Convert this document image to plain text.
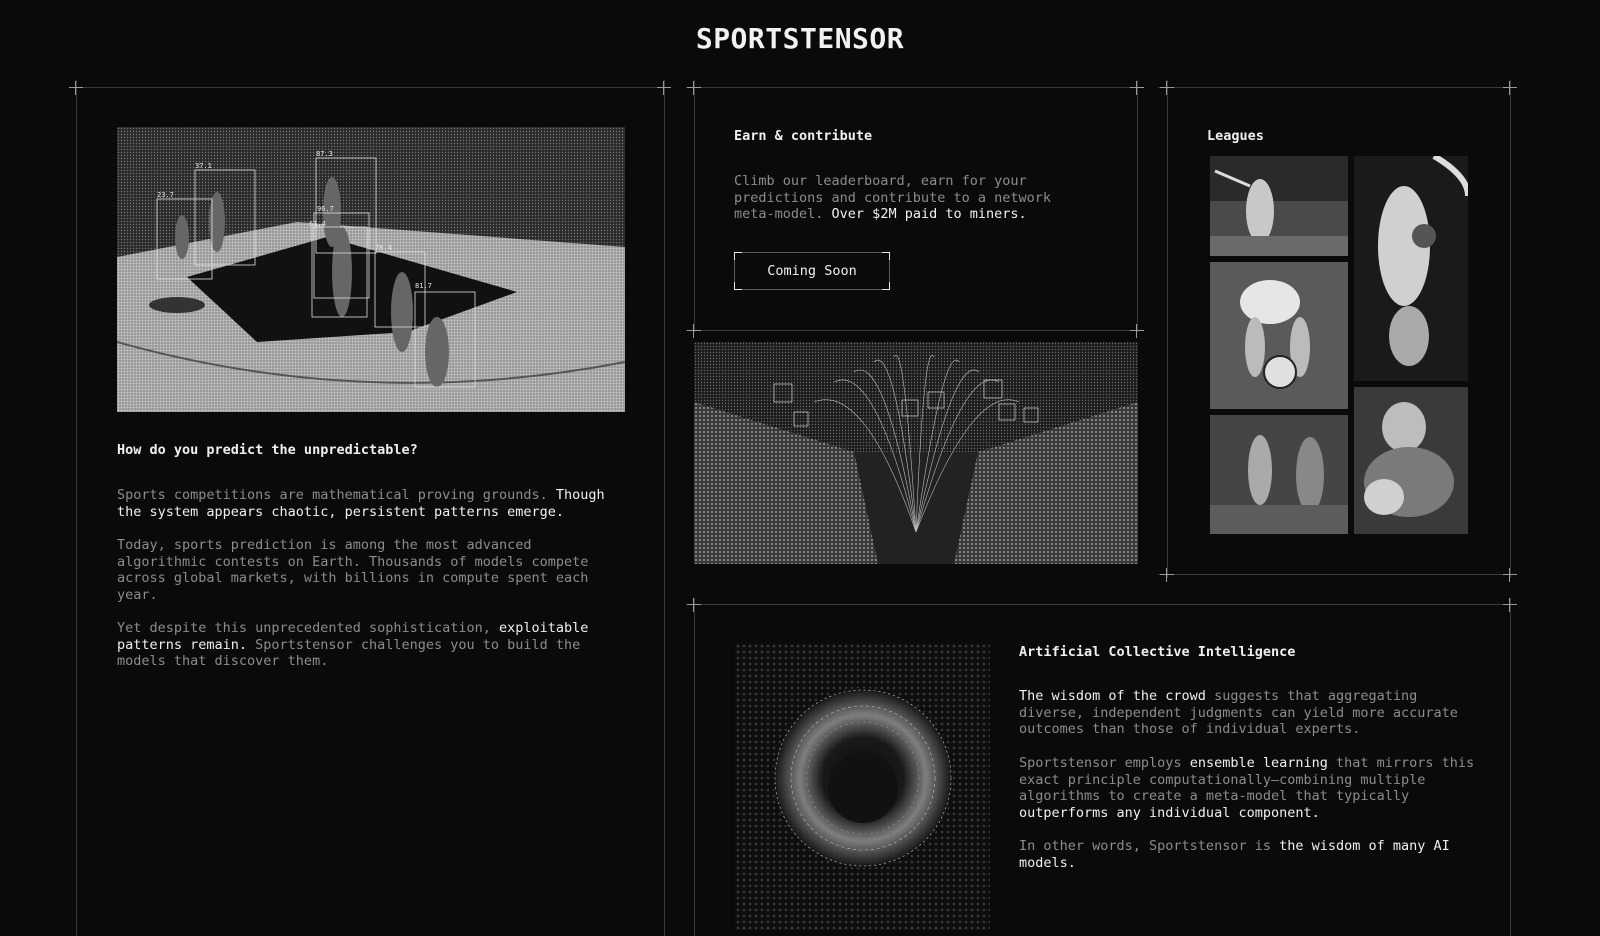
SPORTSTENSOR
37.1
87.3
23.7
96.7
61.4
78.4
81.7
How do you predict the unpredictable?
Sports competitions are mathematical proving grounds. Though the system appears chaotic, persistent patterns emerge.
Today, sports prediction is among the most advanced algorithmic contests on Earth. Thousands of models compete across global markets, with billions in compute spent each year.
Yet despite this unprecedented sophistication, exploitable patterns remain. Sportstensor challenges you to build the models that discover them.
Earn & contribute
Climb our leaderboard, earn for your predictions and contribute to a network meta-model. Over $2M paid to miners.
Coming Soon
Leagues
Artificial Collective Intelligence
The wisdom of the crowd suggests that aggregating diverse, independent judgments can yield more accurate outcomes than those of individual experts.
Sportstensor employs ensemble learning that mirrors this exact principle computationally—combining multiple algorithms to create a meta-model that typically outperforms any individual component.
In other words, Sportstensor is the wisdom of many AI models.
